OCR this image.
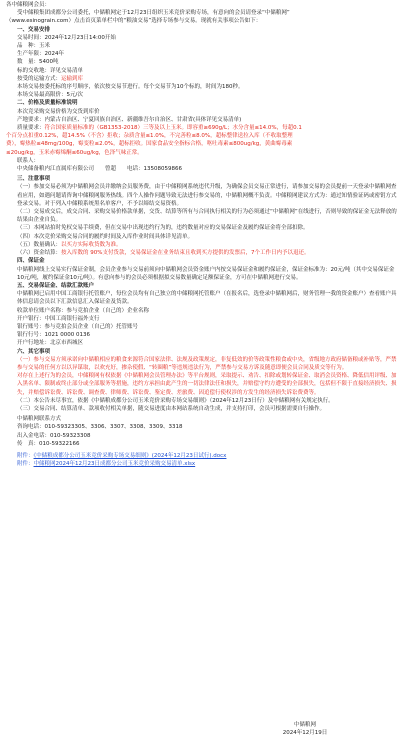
各中储粮网会员：

受中储粮集团成都分公司委托，中储粮网定于12月23日组织玉米竞价采购专场，有意向的会员请登录“中储粮网”

（www.esinograin.com）点击首页菜单栏中的“粮油交易”选择专场参与交易。现就有关事项公告如下：

一、交易安排

交易时间：2024年12月23日14:00开始

品　种：玉米

生产年限：2024年

数　量：5400吨

标的交收地：详见交易清单

按受的运输方式：运输到库

本场交易按委托标的序号顺序，依次按交易节进行。每个交易节为10个标的，时间为180秒。

本场交易最高限价：5元/次

二、价格及质量标准说明

本次竞采购交易价格为交货到库价

产地要求：内蒙古自治区、宁夏回族自治区、新疆维吾尔自治区、甘肃省(具体详见交易清单)

质量要求：符合国家质量标准的（GB1353-2018）三等及以上玉米。即容重≥690g/L；水分含量≤14.0%，每超0.1

个百分点扣重0.12%，超14.5%（不含）拒收；杂质含量≤1.0%，不完善粒≤8.0%，超标整律送拉入库（不收取整理

费），霉热粒≤48mg/100g，霉变粒≤2.0%，超标拒收。国家食品安全指标合格，呕吐毒素≤800ug/kg，黄曲霉毒素

≤20ug/kg，玉米赤霉烯酮≤60ug/kg，色泽气味正常。

联系人：

中央储备粮内江直属库有限公司　　曾超　　电话：13508059866

三、注意事项

（一）参加交易必须为中储粮网会员并缴纳会员服务费，由于中储粮网系统违代升级，为确保会员交易正常进行，请参加交易的会员提前一天登录中储粮网查看应用，如遇问题请咨询中储粮网服务热线。四个人操作问题导致无法进行参交易的，中储粮网概不负责。中储粮网建议方式为：通过知情验证码或密钥方式登录交易。对于列入中储粮系统黑名单客户，不予以缔结交易资格。

（二）交易成交后，成交合同、采购交易价格款单据，交货、结算等所有与合同执行相关的行为必须通过“中储粮网”在线进行，否则导致的保证金无法释放的结果由企业自负。

（三）本网站拍时免权交易手续费，但在交易中出现违约行为的，违约数量对应的交易保证金及履约保证金将全部扣除。

（四）本次竞价采购交易合同的履约时间及入库作业时间具体详见清单。

（五）数量确认：以买方实际收货数为准。

（六）资金结算：按入库数的 90%支付货款，交易保证金在业务结束且收到买方提供的发票后，7个工作日内予以退还。

四、保证金

中储粮网线上交易实行保证金制，会员企业参与交易前须向中储粮网会员资金账户内按交易保证金和履约保证金，保证金标准为：20元/吨（其中交易保证金10元/吨，履约保证金10元/吨）。有意向参与的会员必须根据拟交易数量确定足额保证金，方可在中储粮网进行交易。

五、交易保证金、结款汇款账户

中储粮网已启用中国工商银行托管账户，每位会员均有自己独立的中储粮网托管账户（在报名后，选登录中储粮网后，财务管理一我的资金账户）查看账户具体信息请会员以下汇款信息汇入保证金及货款。

收款单位账户名称：参与竞拍企业（自己的）企业名称

开户银行：中国工商银行福外支行

银行账号：参与竞拍会员企业（自己的）托管账号

银行行号：1021 0000 0136

开户行地址：北京市西城区

六、其它事项

（一）参与交易方须承诺向中储粮相应的粮食来源符合国家法律、法规及政策规定，非复低效的价等政策性粮食或中央，省级地方政府储备粮或补贴等，严禁参与交易的任何方以以异谋取，以欢充好，掺杂使假、“转圈粮”等违规违法行为，严禁参与交易方诉及随意即便会员合同及质交等行为。

对存在上述行为的会员，中储粮网有权依据《中储粮网会员管理办法》等平台规则，采取提示、劝告、扣除或划转保证金、取消会员资格、降低信用评级、加入黑名单、限制或终止部分或全部服务等措施，违约方承担由此产生的一切法律法任和损失，并赔偿守约方遭受的全部损失，包括但不限于直接经济损失、损失，并赔偿诉讼费、诉讼费、调查费、律师费、诉讼费、鉴定费、差旅费、因追偿行使权涉的方发生的经济损失诉讼费费等。

（二）本公告未尽事宜，依据《中储粮成都分公司玉米竞价采购专场交易细则》（2024年12月23日行）及中储粮网有关规定执行。

（三）交易合同、结算清单、款项收付相关单据，随交易进度由本网站系统自动生成，并支持打印，会员可根据需要自行操作。

中储粮网联系方式

咨询电话：010-59323305、3306、3307、3308、3309、3318

出入金电话：010-59323308

传　真：010-59322166

附件：《中储粮成都分公司玉米竞价采购专场交易细则》(2024年12月23日试行).docx

附件：中储粮网2024年12月23日成都分公司玉米竞价采购交易清单.xlsx

中储粮网
2024年12月19日
